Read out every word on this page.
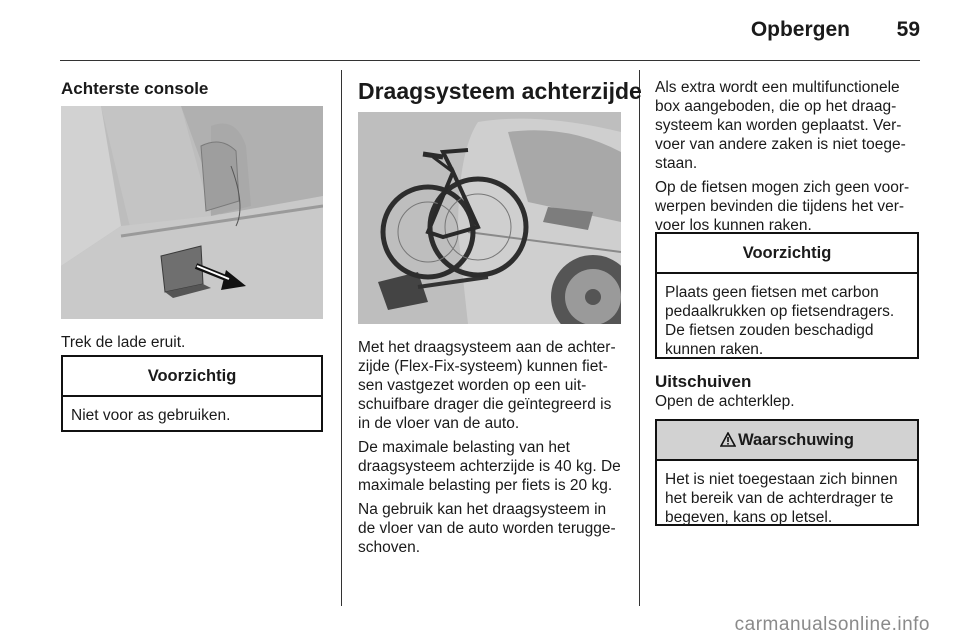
Opbergen 59
Achterste console
Trek de lade eruit.
Voorzichtig
Niet voor as gebruiken.
Draagsysteem achterzijde

Met het draagsysteem aan de achter-zijde (Flex-Fix-systeem) kunnen fiet-sen vastgezet worden op een uit-schuifbare drager die geïntegreerd is in de vloer van de auto.

De maximale belasting van het draagsysteem achterzijde is 40 kg. De maximale belasting per fiets is 20 kg.

Na gebruik kan het draagsysteem in de vloer van de auto worden terugge-schoven.

Als extra wordt een multifunctionele box aangeboden, die op het draag-systeem kan worden geplaatst. Ver-voer van andere zaken is niet toege-staan.

Op de fietsen mogen zich geen voor-werpen bevinden die tijdens het ver-voer los kunnen raken.

Voorzichtig
Plaats geen fietsen met carbon pedaalkrukken op fietsendragers. De fietsen zouden beschadigd kunnen raken.
Uitschuiven
Open de achterklep.
Waarschuwing
Het is niet toegestaan zich binnen het bereik van de achterdrager te begeven, kans op letsel.
carmanualsonline.info
